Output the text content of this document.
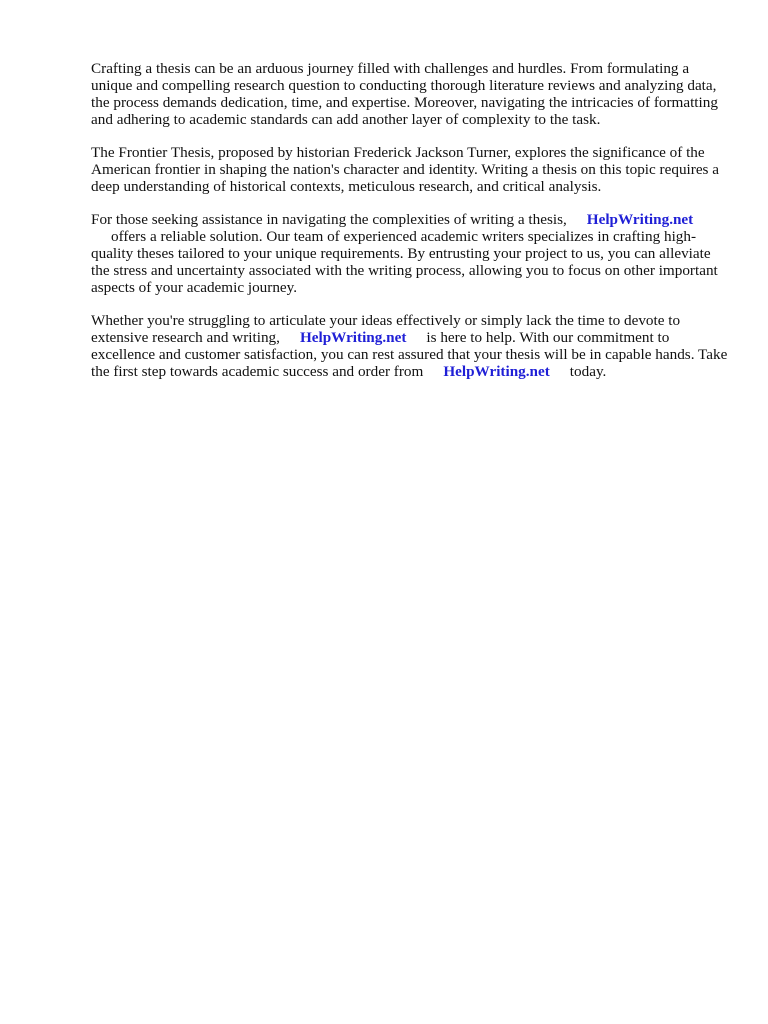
Crafting a thesis can be an arduous journey filled with challenges and hurdles. From formulating a unique and compelling research question to conducting thorough literature reviews and analyzing data, the process demands dedication, time, and expertise. Moreover, navigating the intricacies of formatting and adhering to academic standards can add another layer of complexity to the task.

The Frontier Thesis, proposed by historian Frederick Jackson Turner, explores the significance of the American frontier in shaping the nation's character and identity. Writing a thesis on this topic requires a deep understanding of historical contexts, meticulous research, and critical analysis.

For those seeking assistance in navigating the complexities of writing a thesis, HelpWriting.net
offers a reliable solution. Our team of experienced academic writers specializes in crafting high-quality theses tailored to your unique requirements. By entrusting your project to us, you can alleviate the stress and uncertainty associated with the writing process, allowing you to focus on other important aspects of your academic journey.

Whether you're struggling to articulate your ideas effectively or simply lack the time to devote to extensive research and writing, HelpWriting.net is here to help. With our commitment to excellence and customer satisfaction, you can rest assured that your thesis will be in capable hands. Take the first step towards academic success and order from HelpWriting.net today.
